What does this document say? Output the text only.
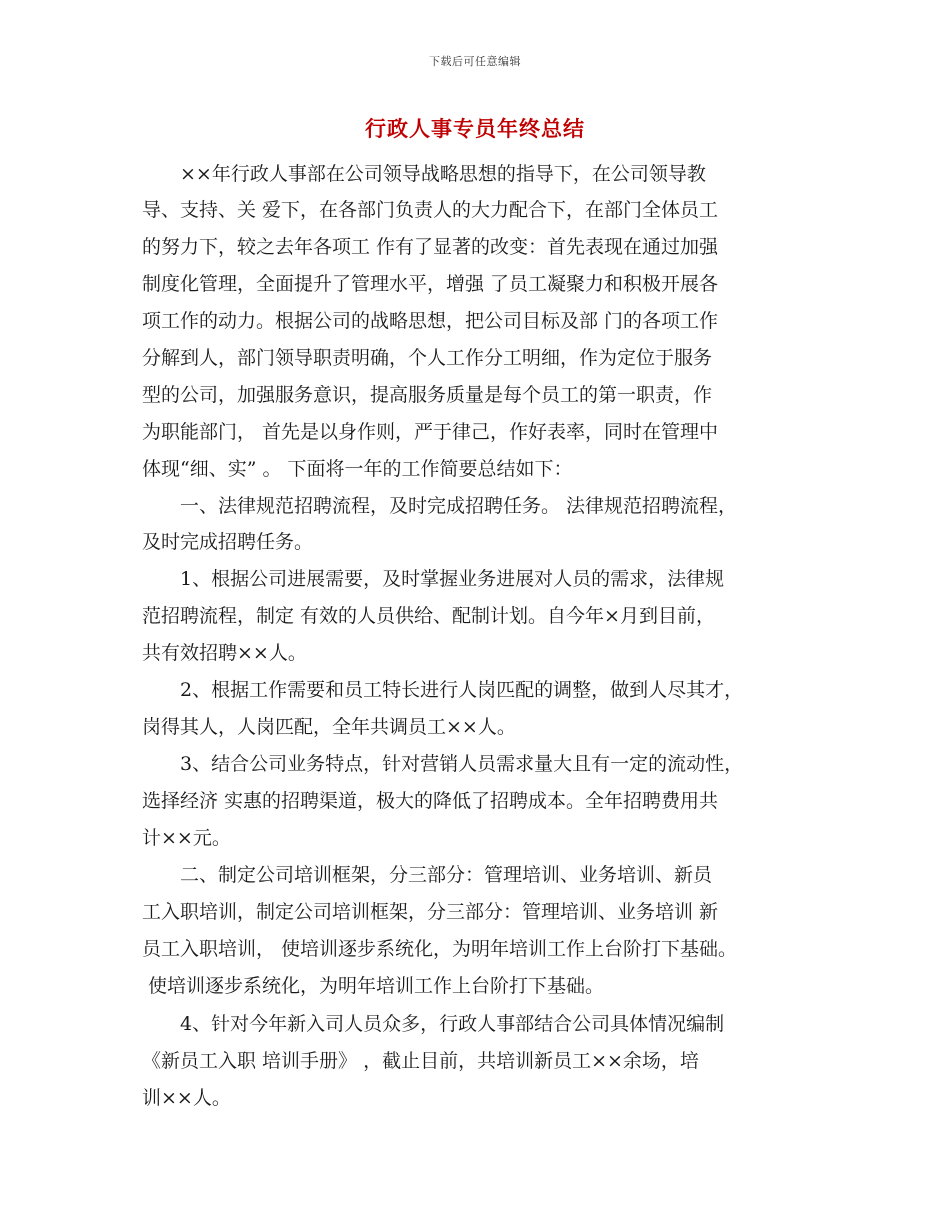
下载后可任意编辑
行政人事专员年终总结
　　××年行政人事部在公司领导战略思想的指导下，在公司领导教
导、支持、关 爱下，在各部门负责人的大力配合下，在部门全体员工
的努力下，较之去年各项工 作有了显著的改变：首先表现在通过加强
制度化管理，全面提升了管理水平，增强 了员工凝聚力和积极开展各
项工作的动力。根据公司的战略思想，把公司目标及部 门的各项工作
分解到人，部门领导职责明确，个人工作分工明细，作为定位于服务
型的公司，加强服务意识，提高服务质量是每个员工的第一职责，作
为职能部门， 首先是以身作则，严于律己，作好表率，同时在管理中
体现“细、实” 。 下面将一年的工作简要总结如下：
　　一、法律规范招聘流程，及时完成招聘任务。 法律规范招聘流程，
及时完成招聘任务。
　　1、根据公司进展需要，及时掌握业务进展对人员的需求，法律规
范招聘流程，制定 有效的人员供给、配制计划。自今年×月到目前，
共有效招聘××人。
　　2、根据工作需要和员工特长进行人岗匹配的调整，做到人尽其才，
岗得其人，人岗匹配，全年共调员工××人。
　　3、结合公司业务特点，针对营销人员需求量大且有一定的流动性，
选择经济 实惠的招聘渠道，极大的降低了招聘成本。全年招聘费用共
计××元。
　　二、制定公司培训框架，分三部分：管理培训、业务培训、新员
工入职培训，制定公司培训框架，分三部分：管理培训、业务培训 新
员工入职培训， 使培训逐步系统化，为明年培训工作上台阶打下基础。
使培训逐步系统化，为明年培训工作上台阶打下基础。
　　4、针对今年新入司人员众多，行政人事部结合公司具体情况编制
《新员工入职 培训手册》 ，截止目前，共培训新员工××余场，培
训××人。
